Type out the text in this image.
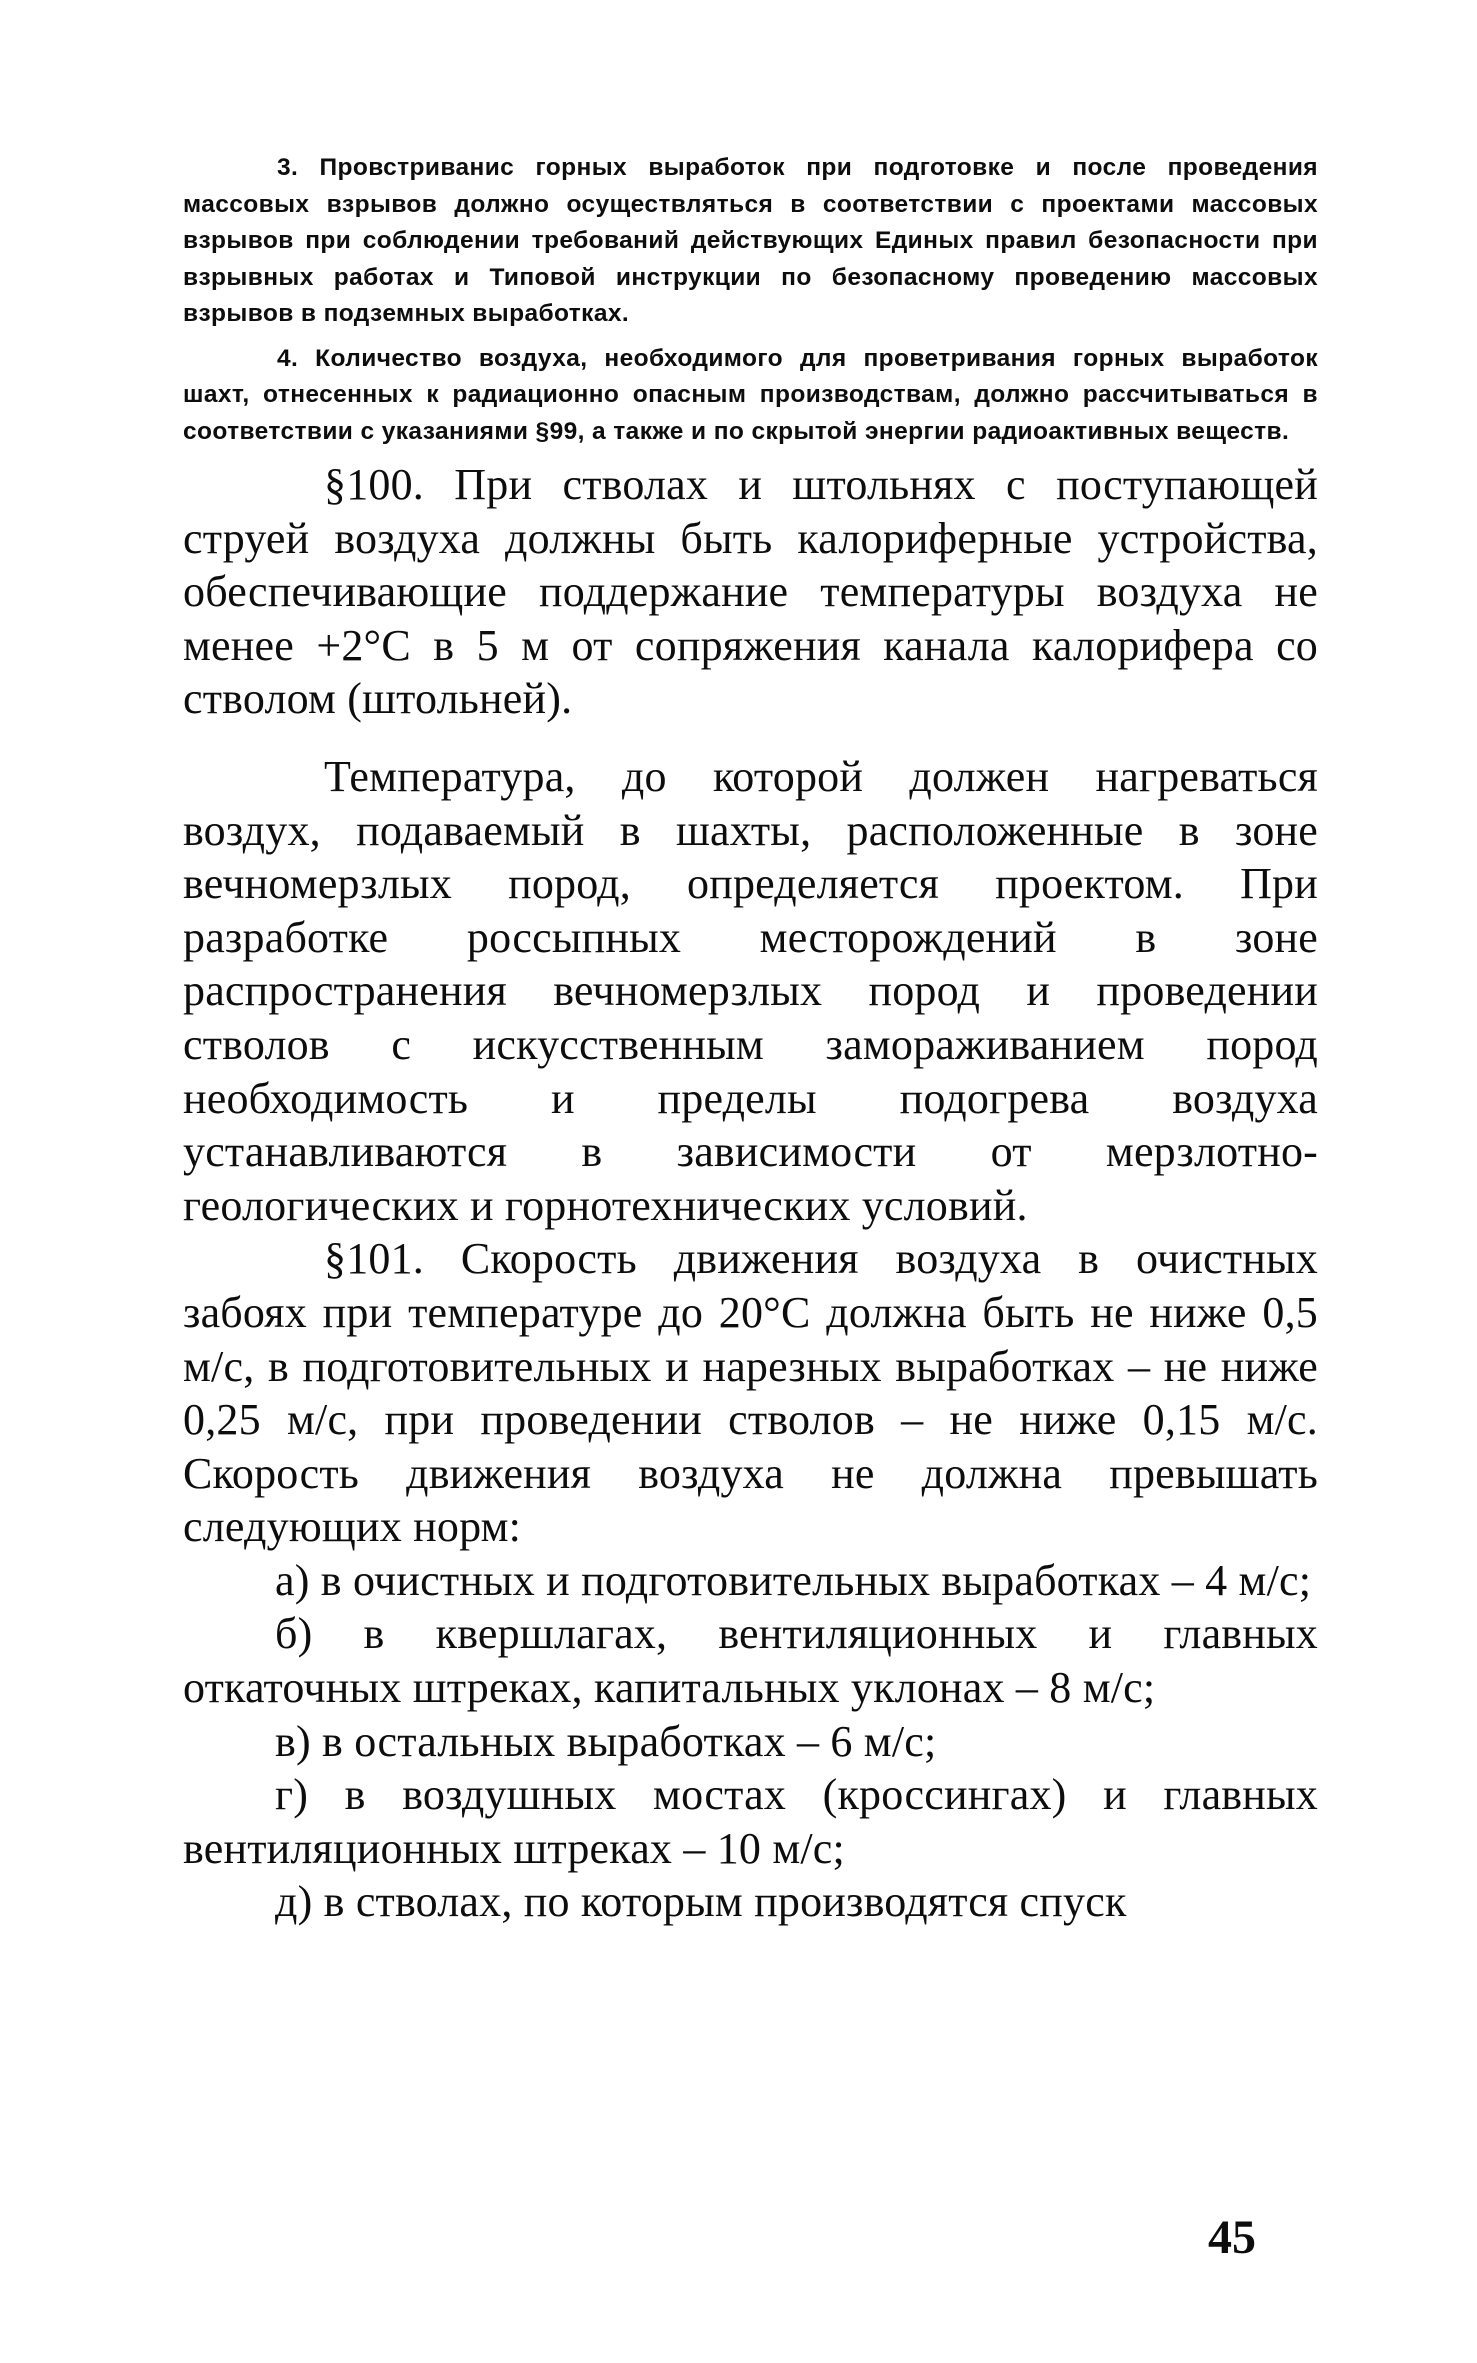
3. Провстриванис горных выработок при подготовке и после проведения массовых взрывов должно осуществляться в соответствии с проектами массовых взрывов при соблюдении требований действующих Единых правил безопасности при взрывных работах и Типовой инструкции по безопасному проведению массовых взрывов в подземных выработках.

4. Количество воздуха, необходимого для проветривания горных выработок шахт, отнесенных к радиационно опасным производствам, должно рассчитываться в соответствии с указаниями §99, а также и по скрытой энергии радиоактивных веществ.

§100. При стволах и штольнях с поступающей струей воздуха должны быть калориферные устройства, обеспечивающие поддержание температуры воздуха не менее +2°С в 5 м от сопряжения канала калорифера со стволом (штольней).

Температура, до которой должен нагреваться воздух, подаваемый в шахты, расположенные в зоне вечномерзлых пород, определяется проектом. При разработке россыпных месторождений в зоне распространения вечномерзлых пород и проведении стволов с искусственным замораживанием пород необходимость и пределы подогрева воздуха устанавливаются в зависимости от мерзлотно-геологических и горнотехнических условий.

§101. Скорость движения воздуха в очистных забоях при температуре до 20°С должна быть не ниже 0,5 м/с, в подготовительных и нарезных выработках – не ниже 0,25 м/с, при проведении стволов – не ниже 0,15 м/с. Скорость движения воздуха не должна превышать следующих норм:

а) в очистных и подготовительных выработках – 4 м/с;

б) в квершлагах, вентиляционных и главных откаточных штреках, капитальных уклонах – 8 м/с;

в) в остальных выработках – 6 м/с;

г) в воздушных мостах (кроссингах) и главных вентиляционных штреках – 10 м/с;

д) в стволах, по которым производятся спуск

45
